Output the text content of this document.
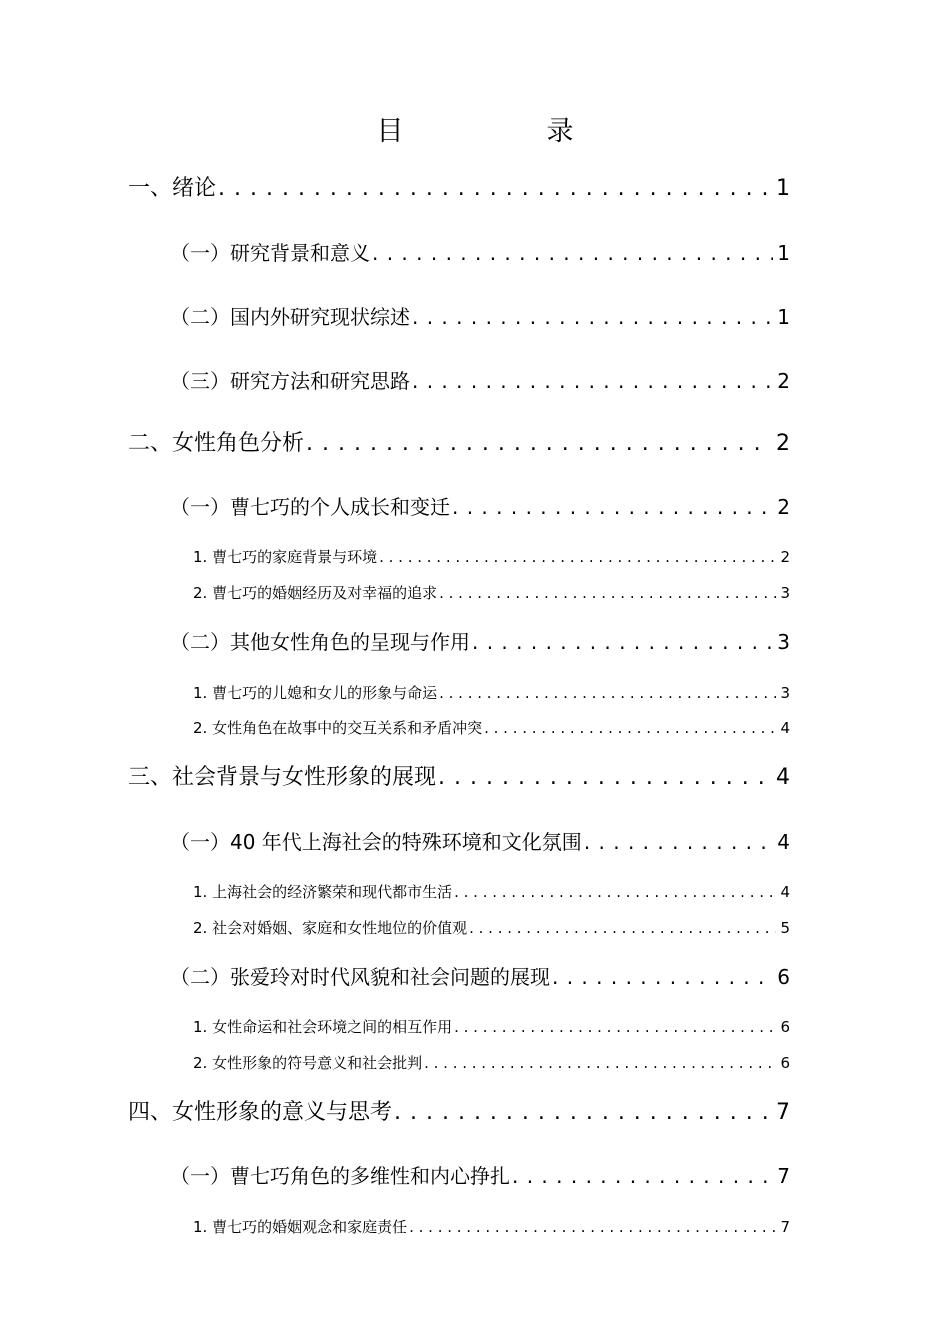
目　录
一、绪论 . . .	1
（一）研究背景和意义 . . .	1
（二）国内外研究现状综述 . . .	1
（三）研究方法和研究思路 . . .	2
二、女性角色分析 . . .	2
（一）曹七巧的个人成长和变迁 . . .	2
1. 曹七巧的家庭背景与环境 . . .	2
2. 曹七巧的婚姻经历及对幸福的追求 . . .	3
（二）其他女性角色的呈现与作用 . . .	3
1. 曹七巧的儿媳和女儿的形象与命运 . . .	3
2. 女性角色在故事中的交互关系和矛盾冲突 . . .	4
三、社会背景与女性形象的展现 . . .	4
（一）40 年代上海社会的特殊环境和文化氛围 . . .	4
1. 上海社会的经济繁荣和现代都市生活 . . .	4
2. 社会对婚姻、家庭和女性地位的价值观 . . .	5
（二）张爱玲对时代风貌和社会问题的展现 . . .	6
1. 女性命运和社会环境之间的相互作用 . . .	6
2. 女性形象的符号意义和社会批判 . . .	6
四、女性形象的意义与思考 . . .	7
（一）曹七巧角色的多维性和内心挣扎 . . .	7
1. 曹七巧的婚姻观念和家庭责任 . . .	7
